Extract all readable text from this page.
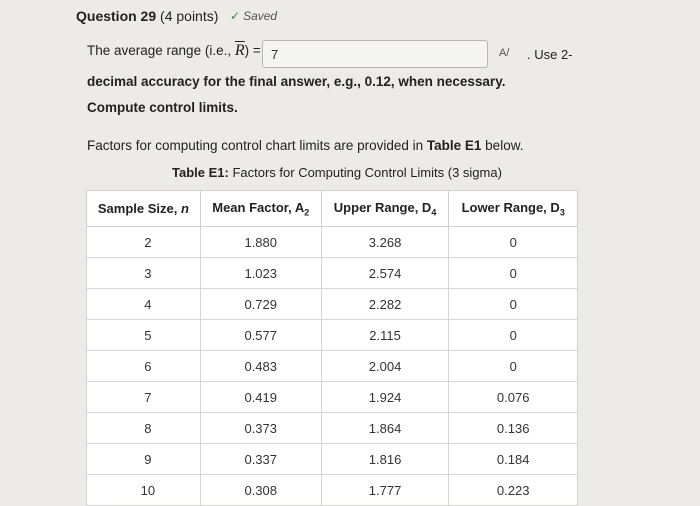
Question 29 (4 points) ✓ Saved
The average range (i.e., $\overline{R}) = 7$	A/ . Use 2-
decimal accuracy for the final answer, e.g., 0.12, when necessary.
Compute control limits.
Factors for computing control chart limits are provided in Table E1 below.
Table E1: Factors for Computing Control Limits (3 sigma)
Sample Size, n	Mean Factor, $A_2$	Upper Range, $D_4$	Lower Range, $D_3$
2	1.880	3.268	0
3	1.023	2.574	0
4	0.729	2.282	0
5	0.577	2.115	0
6	0.483	2.004	0
7	0.419	1.924	0.076
8	0.373	1.864	0.136
9	0.337	1.816	0.184
10	0.308	1.777	0.223
